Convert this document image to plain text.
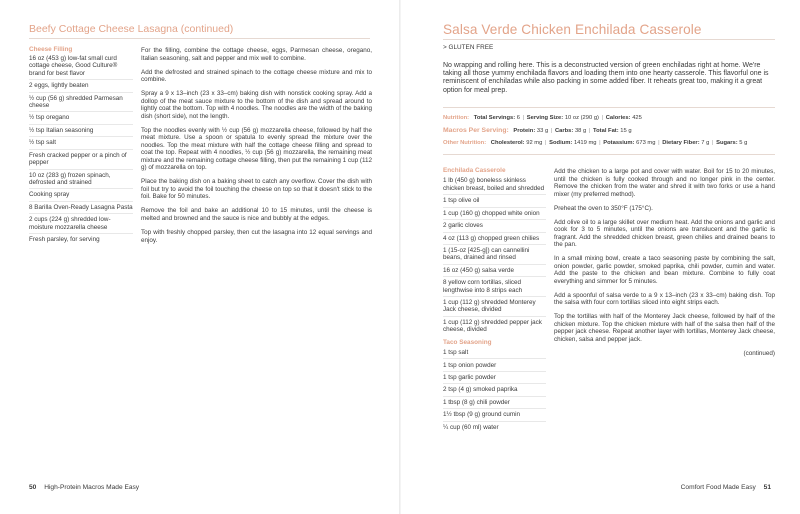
Beefy Cottage Cheese Lasagna (continued)
Cheese Filling
16 oz (453 g) low-fat small curd cottage cheese, Good Culture® brand for best flavor
2 eggs, lightly beaten
½ cup (56 g) shredded Parmesan cheese
½ tsp oregano
½ tsp Italian seasoning
½ tsp salt
Fresh cracked pepper or a pinch of pepper
10 oz (283 g) frozen spinach, defrosted and strained
Cooking spray
8 Barilla Oven-Ready Lasagna Pasta
2 cups (224 g) shredded low-moisture mozzarella cheese
Fresh parsley, for serving

For the filling, combine the cottage cheese, eggs, Parmesan cheese, oregano, Italian seasoning, salt and pepper and mix well to combine.

Add the defrosted and strained spinach to the cottage cheese mixture and mix to combine.

Spray a 9 x 13–inch (23 x 33–cm) baking dish with nonstick cooking spray. Add a dollop of the meat sauce mixture to the bottom of the dish and spread around to lightly coat the bottom. Top with 4 noodles. The noodles are the width of the baking dish (short side), not the length.

Top the noodles evenly with ½ cup (56 g) mozzarella cheese, followed by half the meat mixture. Use a spoon or spatula to evenly spread the mixture over the noodles. Top the meat mixture with half the cottage cheese filling and spread to coat the top. Repeat with 4 noodles, ½ cup (56 g) mozzarella, the remaining meat mixture and the remaining cottage cheese filling, then put the remaining 1 cup (112 g) of mozzarella on top.

Place the baking dish on a baking sheet to catch any overflow. Cover the dish with foil but try to avoid the foil touching the cheese on top so that it doesn't stick to the foil. Bake for 50 minutes.

Remove the foil and bake an additional 10 to 15 minutes, until the cheese is melted and browned and the sauce is nice and bubbly at the edges.

Top with freshly chopped parsley, then cut the lasagna into 12 equal servings and enjoy.

50 High-Protein Macros Made Easy
Salsa Verde Chicken Enchilada Casserole
> GLUTEN FREE
No wrapping and rolling here. This is a deconstructed version of green enchiladas right at home. We're taking all those yummy enchilada flavors and loading them into one hearty casserole. This flavorful one is reminiscent of enchiladas while also packing in some added fiber. It reheats great too, making it a great option for meal prep.
Nutrition: Total Servings: 6 | Serving Size: 10 oz (290 g) | Calories: 425
Macros Per Serving: Protein: 33 g | Carbs: 38 g | Total Fat: 15 g
Other Nutrition: Cholesterol: 92 mg | Sodium: 1419 mg | Potassium: 673 mg | Dietary Fiber: 7 g | Sugars: 5 g
Enchilada Casserole
1 lb (450 g) boneless skinless chicken breast, boiled and shredded
1 tsp olive oil
1 cup (160 g) chopped white onion
2 garlic cloves
4 oz (113 g) chopped green chilies
1 (15-oz [425-g]) can cannellini beans, drained and rinsed
16 oz (450 g) salsa verde
8 yellow corn tortillas, sliced lengthwise into 8 strips each
1 cup (112 g) shredded Monterey Jack cheese, divided
1 cup (112 g) shredded pepper jack cheese, divided
Taco Seasoning
1 tsp salt
1 tsp onion powder
1 tsp garlic powder
2 tsp (4 g) smoked paprika
1 tbsp (8 g) chili powder
1½ tbsp (9 g) ground cumin
¼ cup (60 ml) water

Add the chicken to a large pot and cover with water. Boil for 15 to 20 minutes, until the chicken is fully cooked through and no longer pink in the center. Remove the chicken from the water and shred it with two forks or use a hand mixer (my preferred method).

Preheat the oven to 350°F (175°C).

Add olive oil to a large skillet over medium heat. Add the onions and garlic and cook for 3 to 5 minutes, until the onions are translucent and the garlic is fragrant. Add the shredded chicken breast, green chilies and drained beans to the pan.

In a small mixing bowl, create a taco seasoning paste by combining the salt, onion powder, garlic powder, smoked paprika, chili powder, cumin and water. Add the paste to the chicken and bean mixture. Combine to fully coat everything and simmer for 5 minutes.

Add a spoonful of salsa verde to a 9 x 13–inch (23 x 33–cm) baking dish. Top the salsa with four corn tortillas sliced into eight strips each.

Top the tortillas with half of the Monterey Jack cheese, followed by half of the chicken mixture. Top the chicken mixture with half of the salsa then half of the pepper jack cheese. Repeat another layer with tortillas, Monterey Jack cheese, chicken, salsa and pepper jack.

(continued)

Comfort Food Made Easy 51
